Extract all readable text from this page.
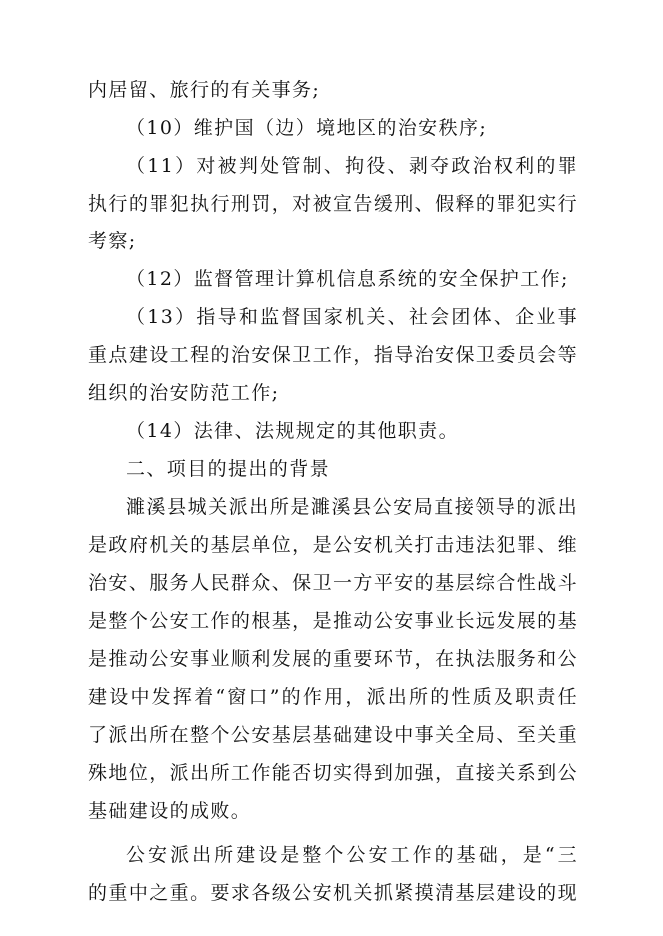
内居留、旅行的有关事务;
（10）维护国（边）境地区的治安秩序;
（11）对被判处管制、拘役、剥夺政治权利的罪
执行的罪犯执行刑罚，对被宣告缓刑、假释的罪犯实行
考察;
（12）监督管理计算机信息系统的安全保护工作;
（13）指导和监督国家机关、社会团体、企业事
重点建设工程的治安保卫工作，指导治安保卫委员会等
组织的治安防范工作;
（14）法律、法规规定的其他职责。
二、项目的提出的背景
濉溪县城关派出所是濉溪县公安局直接领导的派出
是政府机关的基层单位，是公安机关打击违法犯罪、维
治安、服务人民群众、保卫一方平安的基层综合性战斗
是整个公安工作的根基，是推动公安事业长远发展的基
是推动公安事业顺利发展的重要环节，在执法服务和公
建设中发挥着“窗口”的作用，派出所的性质及职责任
了派出所在整个公安基层基础建设中事关全局、至关重
殊地位，派出所工作能否切实得到加强，直接关系到公
基础建设的成败。
公安派出所建设是整个公安工作的基础，是“三
的重中之重。要求各级公安机关抓紧摸清基层建设的现
